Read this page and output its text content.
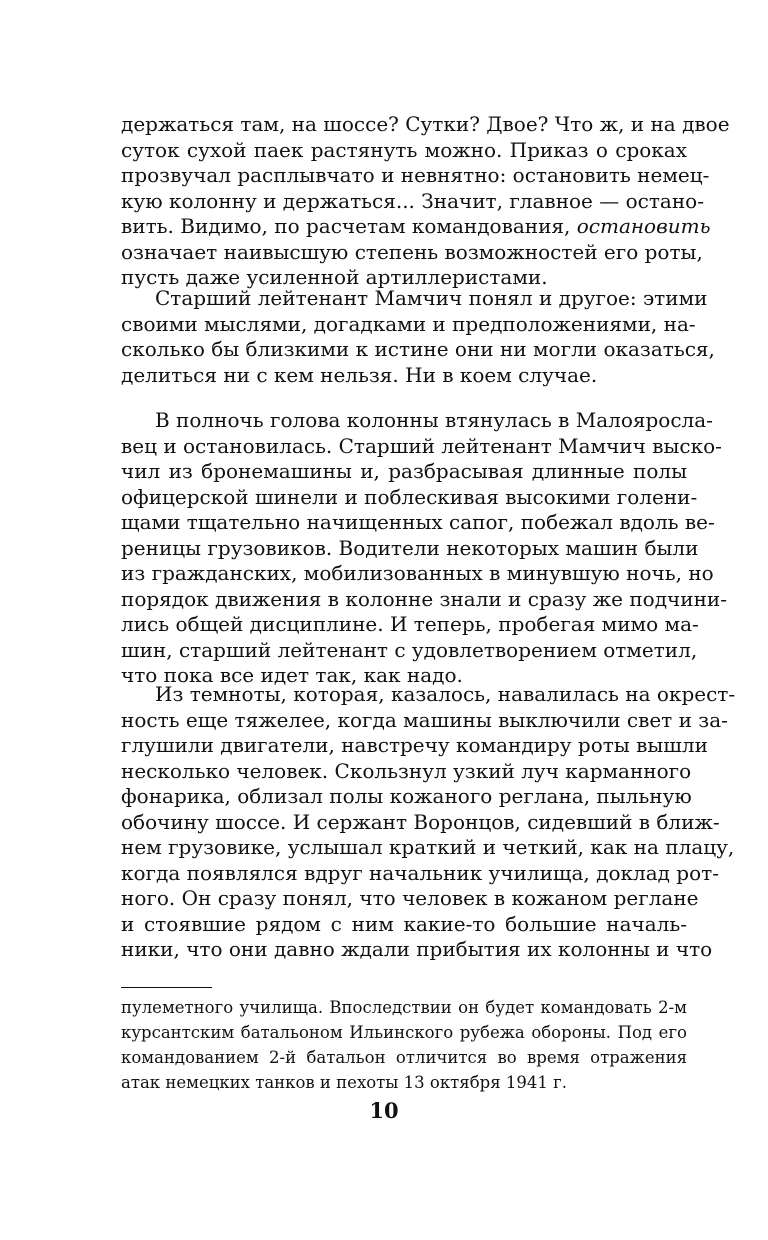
держаться там, на шоссе? Сутки? Двое? Что ж, и на двое
суток сухой паек растянуть можно. Приказ о сроках
прозвучал расплывчато и невнятно: остановить немец-
кую колонну и держаться... Значит, главное — остано-
вить. Видимо, по расчетам командования, остановить
означает наивысшую степень возможностей его роты,
пусть даже усиленной артиллеристами.
Старший лейтенант Мамчич понял и другое: этими
своими мыслями, догадками и предположениями, на-
сколько бы близкими к истине они ни могли оказаться,
делиться ни с кем нельзя. Ни в коем случае.
В полночь голова колонны втянулась в Малояросла-
вец и остановилась. Старший лейтенант Мамчич выско-
чил из бронемашины и, разбрасывая длинные полы
офицерской шинели и поблескивая высокими голени-
щами тщательно начищенных сапог, побежал вдоль ве-
реницы грузовиков. Водители некоторых машин были
из гражданских, мобилизованных в минувшую ночь, но
порядок движения в колонне знали и сразу же подчини-
лись общей дисциплине. И теперь, пробегая мимо ма-
шин, старший лейтенант с удовлетворением отметил,
что пока все идет так, как надо.
Из темноты, которая, казалось, навалилась на окрест-
ность еще тяжелее, когда машины выключили свет и за-
глушили двигатели, навстречу командиру роты вышли
несколько человек. Скользнул узкий луч карманного
фонарика, облизал полы кожаного реглана, пыльную
обочину шоссе. И сержант Воронцов, сидевший в ближ-
нем грузовике, услышал краткий и четкий, как на плацу,
когда появлялся вдруг начальник училища, доклад рот-
ного. Он сразу понял, что человек в кожаном реглане
и стоявшие рядом с ним какие-то большие началь-
ники, что они давно ждали прибытия их колонны и что
пулеметного училища. Впоследствии он будет командовать 2-м
курсантским батальоном Ильинского рубежа обороны. Под его
командованием 2-й батальон отличится во время отражения
атак немецких танков и пехоты 13 октября 1941 г.
10
